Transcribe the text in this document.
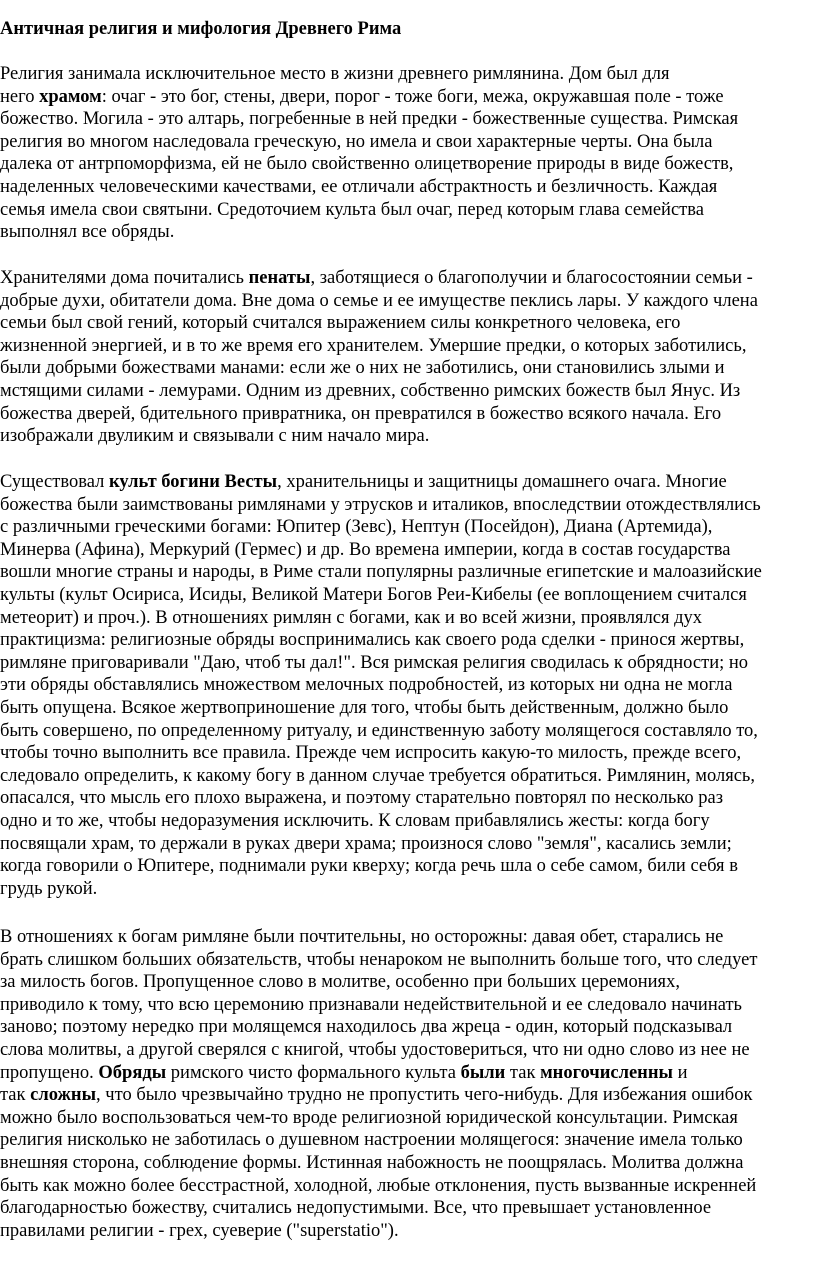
Античная религия и мифология Древнего Рима
Религия занимала исключительное место в жизни древнего римлянина. Дом был для
него храмом: очаг - это бог, стены, двери, порог - тоже боги, межа, окружавшая поле - тоже
божество. Могила - это алтарь, погребенные в ней предки - божественные существа. Римская
религия во многом наследовала греческую, но имела и свои характерные черты. Она была
далека от антрпоморфизма, ей не было свойственно олицетворение природы в виде божеств,
наделенных человеческими качествами, ее отличали абстрактность и безличность. Каждая
семья имела свои святыни. Средоточием культа был очаг, перед которым глава семейства
выполнял все обряды.
Хранителями дома почитались пенаты, заботящиеся о благополучии и благосостоянии семьи -
добрые духи, обитатели дома. Вне дома о семье и ее имуществе пеклись лары. У каждого члена
семьи был свой гений, который считался выражением силы конкретного человека, его
жизненной энергией, и в то же время его хранителем. Умершие предки, о которых заботились,
были добрыми божествами манами: если же о них не заботились, они становились злыми и
мстящими силами - лемурами. Одним из древних, собственно римских божеств был Янус. Из
божества дверей, бдительного привратника, он превратился в божество всякого начала. Его
изображали двуликим и связывали с ним начало мира.
Существовал культ богини Весты, хранительницы и защитницы домашнего очага. Многие
божества были заимствованы римлянами у этрусков и италиков, впоследствии отождествлялись
с различными греческими богами: Юпитер (Зевс), Нептун (Посейдон), Диана (Артемида),
Минерва (Афина), Меркурий (Гермес) и др. Во времена империи, когда в состав государства
вошли многие страны и народы, в Риме стали популярны различные египетские и малоазийские
культы (культ Осириса, Исиды, Великой Матери Богов Реи-Кибелы (ее воплощением считался
метеорит) и проч.). В отношениях римлян с богами, как и во всей жизни, проявлялся дух
практицизма: религиозные обряды воспринимались как своего рода сделки - принося жертвы,
римляне приговаривали "Даю, чтоб ты дал!". Вся римская религия сводилась к обрядности; но
эти обряды обставлялись множеством мелочных подробностей, из которых ни одна не могла
быть опущена. Всякое жертвоприношение для того, чтобы быть действенным, должно было
быть совершено, по определенному ритуалу, и единственную заботу молящегося составляло то,
чтобы точно выполнить все правила. Прежде чем испросить какую-то милость, прежде всего,
следовало определить, к какому богу в данном случае требуется обратиться. Римлянин, молясь,
опасался, что мысль его плохо выражена, и поэтому старательно повторял по несколько раз
одно и то же, чтобы недоразумения исключить. К словам прибавлялись жесты: когда богу
посвящали храм, то держали в руках двери храма; произнося слово "земля", касались земли;
когда говорили о Юпитере, поднимали руки кверху; когда речь шла о себе самом, били себя в
грудь рукой.
В отношениях к богам римляне были почтительны, но осторожны: давая обет, старались не
брать слишком больших обязательств, чтобы ненароком не выполнить больше того, что следует
за милость богов. Пропущенное слово в молитве, особенно при больших церемониях,
приводило к тому, что всю церемонию признавали недействительной и ее следовало начинать
заново; поэтому нередко при молящемся находилось два жреца - один, который подсказывал
слова молитвы, а другой сверялся с книгой, чтобы удостовериться, что ни одно слово из нее не
пропущено. Обряды римского чисто формального культа были так многочисленны и
так сложны, что было чрезвычайно трудно не пропустить чего-нибудь. Для избежания ошибок
можно было воспользоваться чем-то вроде религиозной юридической консультации. Римская
религия нисколько не заботилась о душевном настроении молящегося: значение имела только
внешняя сторона, соблюдение формы. Истинная набожность не поощрялась. Молитва должна
быть как можно более бесстрастной, холодной, любые отклонения, пусть вызванные искренней
благодарностью божеству, считались недопустимыми. Все, что превышает установленное
правилами религии - грех, суеверие ("superstatio").
